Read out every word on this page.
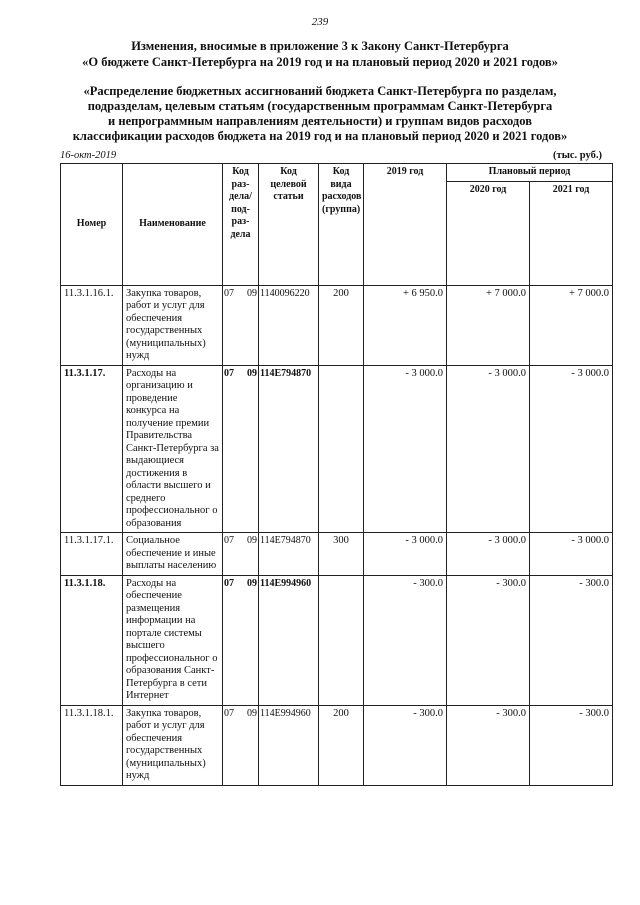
239
Изменения, вносимые в приложение 3 к Закону Санкт-Петербурга
«О бюджете Санкт-Петербурга на 2019 год и на плановый период 2020 и 2021 годов»
«Распределение бюджетных ассигнований бюджета Санкт-Петербурга по разделам,
подразделам, целевым статьям (государственным программам Санкт-Петербурга
и непрограммным направлениям деятельности) и группам видов расходов
классификации расходов бюджета на 2019 год и на плановый период 2020 и 2021 годов»
16-окт-2019	(тыс. руб.)
Номер	Наименование	Код раз-дела/ под-раз-дела	Код целевой статьи	Код вида расходов (группа)	2019 год	Плановый период	
						2020 год	2021 год
11.3.1.16.1.	Закупка товаров, работ и услуг для обеспечения государственных (муниципальных) нужд	07 09	1140096220	200	+ 6 950.0	+ 7 000.0	+ 7 000.0
11.3.1.17.	Расходы на организацию и проведение конкурса на получение премии Правительства Санкт-Петербурга за выдающиеся достижения в области высшего и среднего профессиональног о образования	07 09	114Е794870		- 3 000.0	- 3 000.0	- 3 000.0
11.3.1.17.1.	Социальное обеспечение и иные выплаты населению	07 09	114Е794870	300	- 3 000.0	- 3 000.0	- 3 000.0
11.3.1.18.	Расходы на обеспечение размещения информации на портале системы высшего профессиональног о образования Санкт-Петербурга в сети Интернет	07 09	114Е994960		- 300.0	- 300.0	- 300.0
11.3.1.18.1.	Закупка товаров, работ и услуг для обеспечения государственных (муниципальных) нужд	07 09	114Е994960	200	- 300.0	- 300.0	- 300.0
